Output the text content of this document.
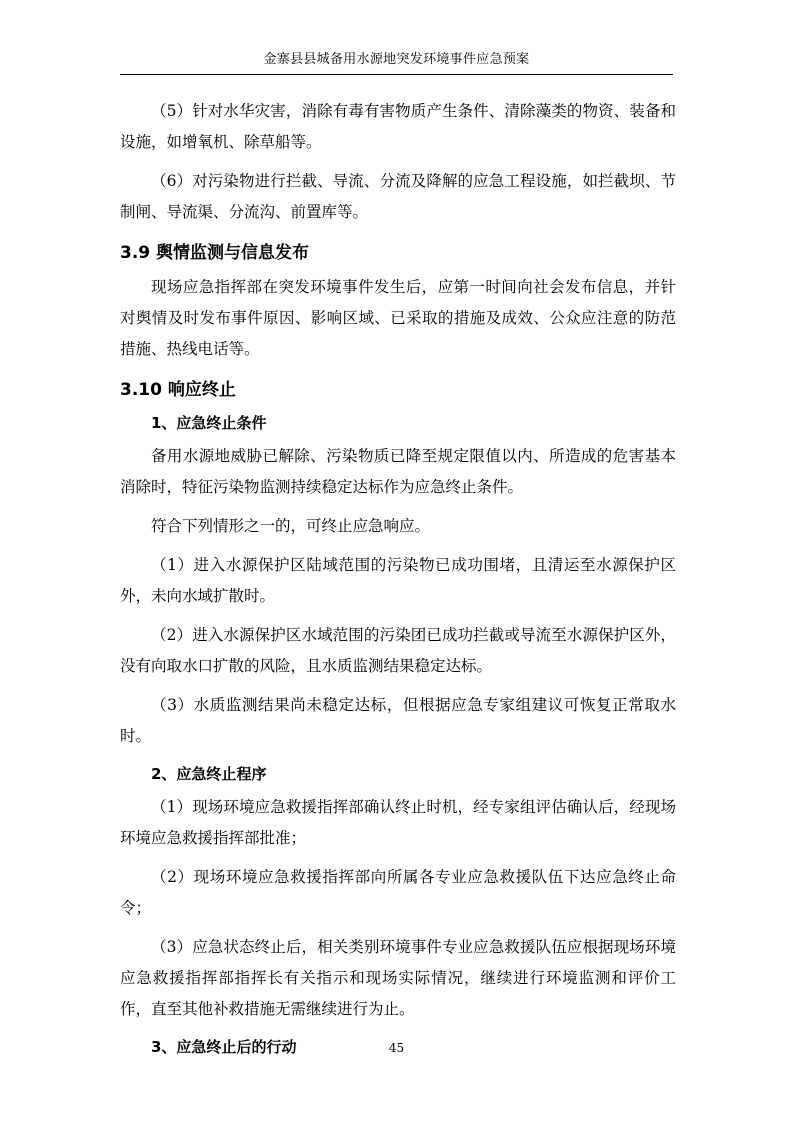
金寨县县城备用水源地突发环境事件应急预案

（5）针对水华灾害，消除有毒有害物质产生条件、清除藻类的物资、装备和设施，如增氧机、除草船等。

（6）对污染物进行拦截、导流、分流及降解的应急工程设施，如拦截坝、节制闸、导流渠、分流沟、前置库等。

3.9 舆情监测与信息发布

现场应急指挥部在突发环境事件发生后，应第一时间向社会发布信息，并针对舆情及时发布事件原因、影响区域、已采取的措施及成效、公众应注意的防范措施、热线电话等。

3.10 响应终止
1、应急终止条件

备用水源地威胁已解除、污染物质已降至规定限值以内、所造成的危害基本消除时，特征污染物监测持续稳定达标作为应急终止条件。

符合下列情形之一的，可终止应急响应。

（1）进入水源保护区陆域范围的污染物已成功围堵，且清运至水源保护区外，未向水域扩散时。

（2）进入水源保护区水域范围的污染团已成功拦截或导流至水源保护区外，没有向取水口扩散的风险，且水质监测结果稳定达标。

（3）水质监测结果尚未稳定达标，但根据应急专家组建议可恢复正常取水时。

2、应急终止程序

（1）现场环境应急救援指挥部确认终止时机，经专家组评估确认后，经现场环境应急救援指挥部批准；

（2）现场环境应急救援指挥部向所属各专业应急救援队伍下达应急终止命令；

（3）应急状态终止后，相关类别环境事件专业应急救援队伍应根据现场环境应急救援指挥部指挥长有关指示和现场实际情况，继续进行环境监测和评价工作，直至其他补救措施无需继续进行为止。

3、应急终止后的行动	45
